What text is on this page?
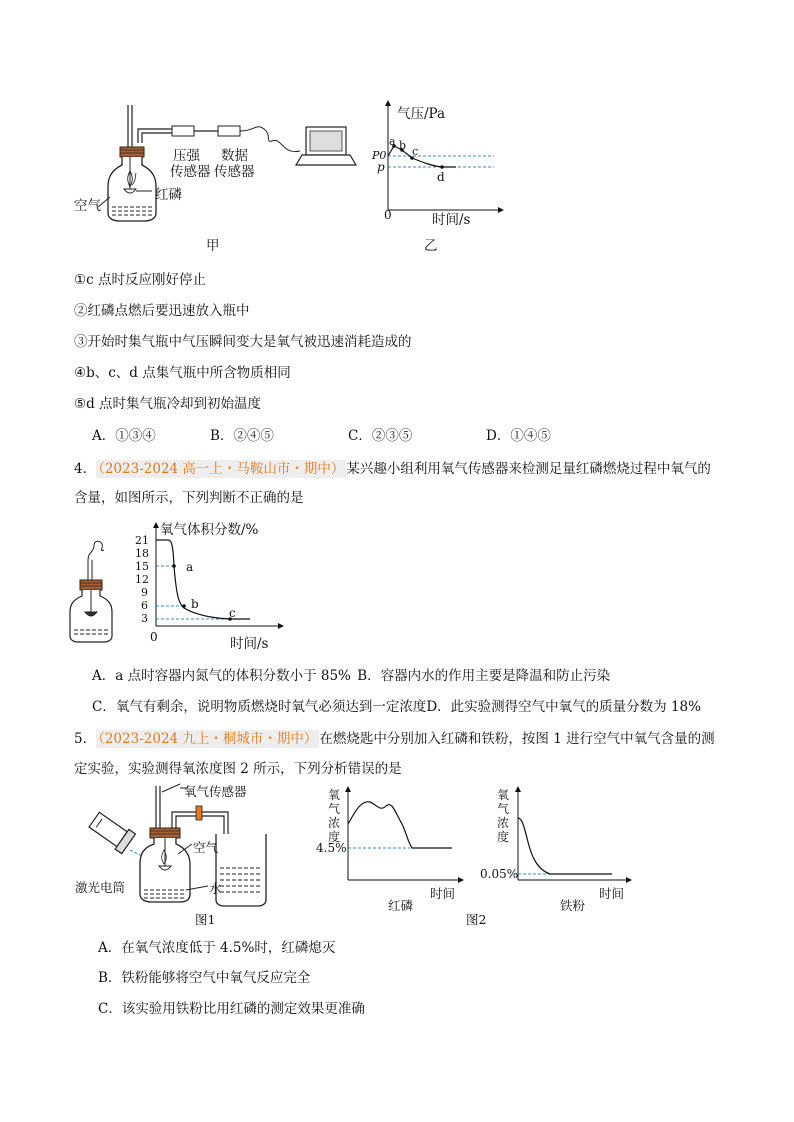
压强
传感器
数据
传感器
红磷
空气
甲
气压/Pa
时间/s
0
P0
p
a b c
d
乙
①c 点时反应刚好停止
②红磷点燃后要迅速放入瓶中
③开始时集气瓶中气压瞬间变大是氧气被迅速消耗造成的
④b、c、d 点集气瓶中所含物质相同
⑤d 点时集气瓶冷却到初始温度
A．①③④	B．②④⑤	C．②③⑤	D．①④⑤
4． （2023-2024 高一上・马鞍山市・期中） 某兴趣小组利用氧气传感器来检测足量红磷燃烧过程中氧气的
含量，如图所示，下列判断不正确的是
氧气体积分数/%
时间/s
0
21
18
15
12
9
6
3
a
b
c
A．a 点时容器内氮气的体积分数小于 85% B．容器内水的作用主要是降温和防止污染
C．氧气有剩余，说明物质燃烧时氧气必须达到一定浓度D．此实验测得空气中氧气的质量分数为 18%
5． （2023-2024 九上・桐城市・期中） 在燃烧匙中分别加入红磷和铁粉，按图 1 进行空气中氧气含量的测
定实验，实验测得氧浓度图 2 所示，下列分析错误的是
氧气传感器
空气
水
激光电筒
图1
氧
气
浓
度
4.5%
时间
红磷
氧
气
浓
度
0.05%
时间
铁粉
图2
A．在氧气浓度低于 4.5%时，红磷熄灭
B．铁粉能够将空气中氧气反应完全
C．该实验用铁粉比用红磷的测定效果更准确
